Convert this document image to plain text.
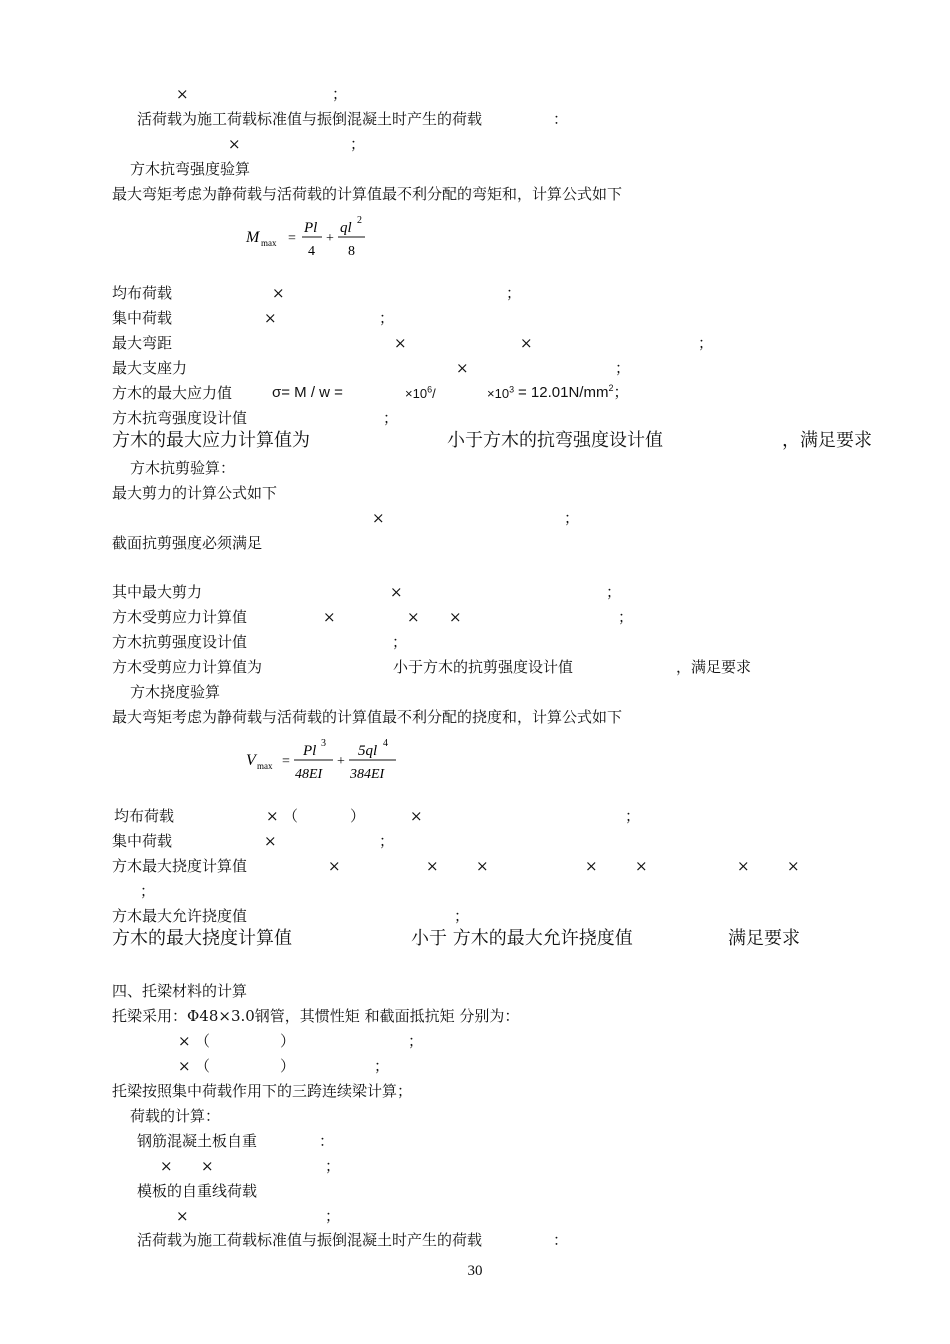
×	；
活荷载为施工荷载标准值与振倒混凝土时产生的荷载	：
×	；
方木抗弯强度验算
最大弯矩考虑为静荷载与活荷载的计算值最不利分配的弯矩和，计算公式如下
M max =
Pl
4
+
ql 2
8
均布荷载	×	；
集中荷载	×	；
最大弯距	×	×	；
最大支座力	×	；
方木的最大应力值	σ= M / w =	$\times 10^6/$	$\times 10^3 = 12.01N/mm^2$；
方木抗弯强度设计值	；
方木的最大应力计算值为	小于方木的抗弯强度设计值	，满足要求
方木抗剪验算：
最大剪力的计算公式如下
×	；
截面抗剪强度必须满足
其中最大剪力	×	；
方木受剪应力计算值	×	× ×	；
方木抗剪强度设计值	；
方木受剪应力计算值为	小于方木的抗剪强度设计值	，满足要求
方木挠度验算
最大弯矩考虑为静荷载与活荷载的计算值最不利分配的挠度和，计算公式如下
V max =
Pl 3
48EI
+
5ql 4
384EI
均布荷载	× （	）	×	；
集中荷载	×	；
方木最大挠度计算值	×	× ×	× ×	× ×
；
方木最大允许挠度值	；
方木的最大挠度计算值	小于 方木的最大允许挠度值	满足要求
四、托梁材料的计算
托梁采用：Φ48×3.0钢管，其惯性矩 和截面抵抗矩 分别为：
× （	）	；
× （	）	；
托梁按照集中荷载作用下的三跨连续梁计算；
荷载的计算：
钢筋混凝土板自重	：
× ×	；
模板的自重线荷载
×	；
活荷载为施工荷载标准值与振倒混凝土时产生的荷载	：
30
